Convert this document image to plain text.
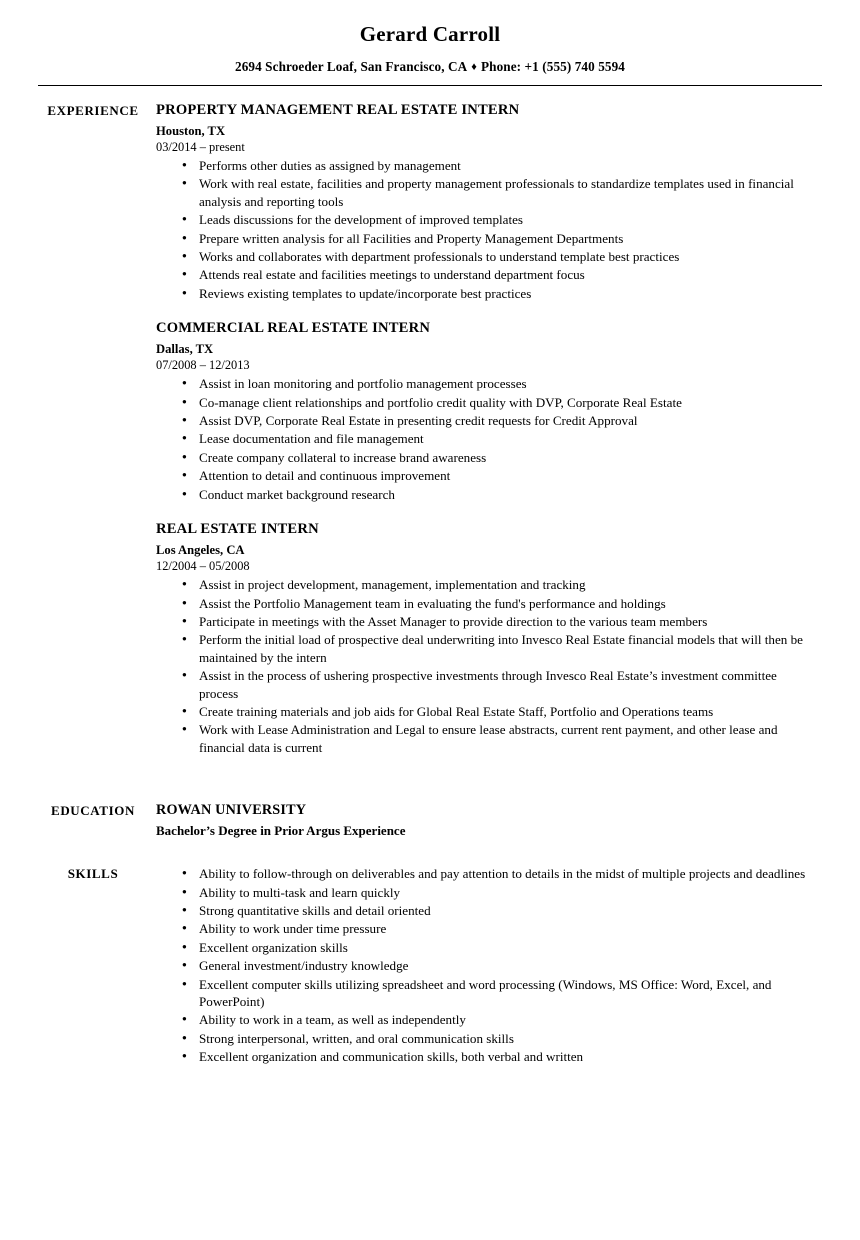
Gerard Carroll
2694 Schroeder Loaf, San Francisco, CA ♦ Phone: +1 (555) 740 5594
EXPERIENCE	PROPERTY MANAGEMENT REAL ESTATE INTERN
Houston, TX
03/2014 – present
● Performs other duties as assigned by management
● Work with real estate, facilities and property management professionals to standardize templates used in financial analysis and reporting tools
● Leads discussions for the development of improved templates
● Prepare written analysis for all Facilities and Property Management Departments
● Works and collaborates with department professionals to understand template best practices
● Attends real estate and facilities meetings to understand department focus
● Reviews existing templates to update/incorporate best practices
COMMERCIAL REAL ESTATE INTERN
Dallas, TX
07/2008 – 12/2013
● Assist in loan monitoring and portfolio management processes
● Co-manage client relationships and portfolio credit quality with DVP, Corporate Real Estate
● Assist DVP, Corporate Real Estate in presenting credit requests for Credit Approval
● Lease documentation and file management
● Create company collateral to increase brand awareness
● Attention to detail and continuous improvement
● Conduct market background research
REAL ESTATE INTERN
Los Angeles, CA
12/2004 – 05/2008
● Assist in project development, management, implementation and tracking
● Assist the Portfolio Management team in evaluating the fund's performance and holdings
● Participate in meetings with the Asset Manager to provide direction to the various team members
● Perform the initial load of prospective deal underwriting into Invesco Real Estate financial models that will then be maintained by the intern
● Assist in the process of ushering prospective investments through Invesco Real Estate’s investment committee process
● Create training materials and job aids for Global Real Estate Staff, Portfolio and Operations teams
● Work with Lease Administration and Legal to ensure lease abstracts, current rent payment, and other lease and financial data is current
EDUCATION	ROWAN UNIVERSITY
Bachelor’s Degree in Prior Argus Experience
SKILLS	● Ability to follow-through on deliverables and pay attention to details in the midst of multiple projects and deadlines
● Ability to multi-task and learn quickly
● Strong quantitative skills and detail oriented
● Ability to work under time pressure
● Excellent organization skills
● General investment/industry knowledge
● Excellent computer skills utilizing spreadsheet and word processing (Windows, MS Office: Word, Excel, and PowerPoint)
● Ability to work in a team, as well as independently
● Strong interpersonal, written, and oral communication skills
● Excellent organization and communication skills, both verbal and written
